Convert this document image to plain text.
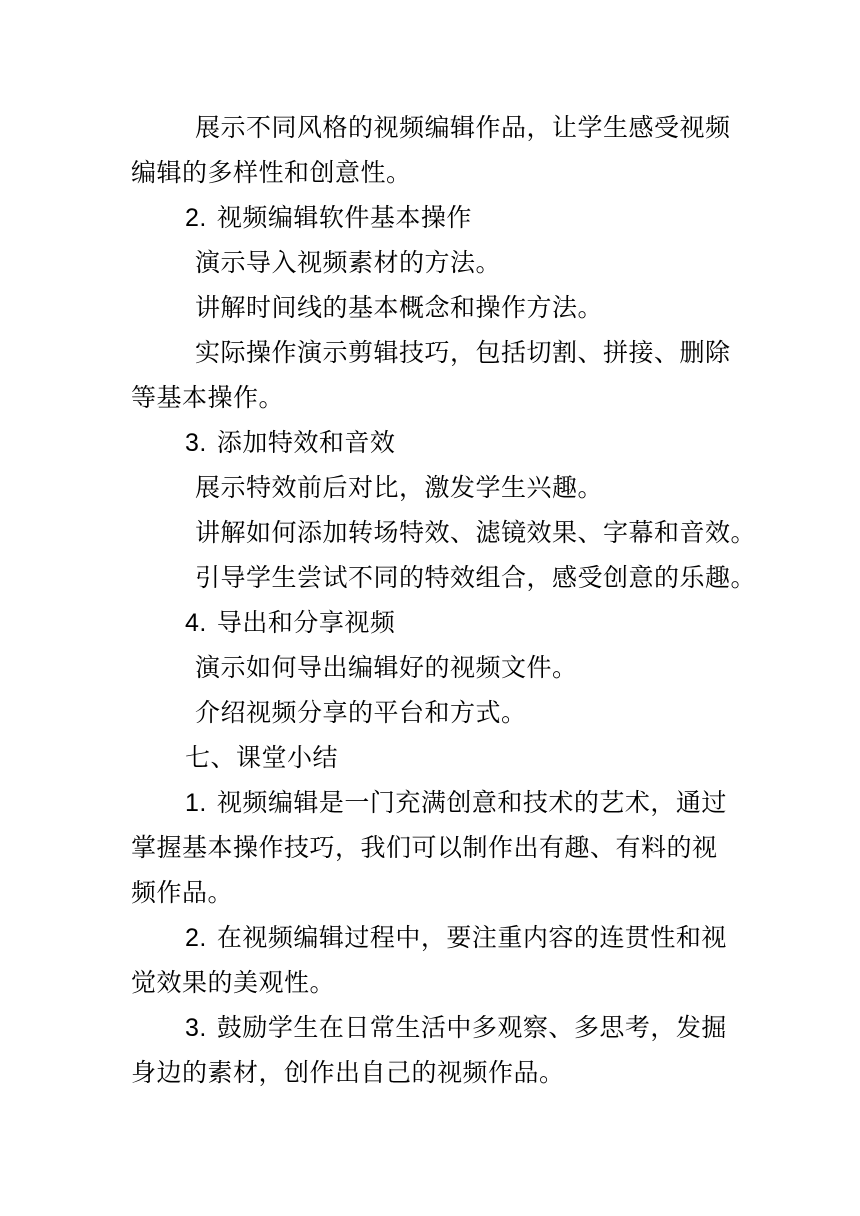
展示不同风格的视频编辑作品，让学生感受视频
编辑的多样性和创意性。
2. 视频编辑软件基本操作
演示导入视频素材的方法。
讲解时间线的基本概念和操作方法。
实际操作演示剪辑技巧，包括切割、拼接、删除
等基本操作。
3. 添加特效和音效
展示特效前后对比，激发学生兴趣。
讲解如何添加转场特效、滤镜效果、字幕和音效。
引导学生尝试不同的特效组合，感受创意的乐趣。
4. 导出和分享视频
演示如何导出编辑好的视频文件。
介绍视频分享的平台和方式。
七、课堂小结
1. 视频编辑是一门充满创意和技术的艺术，通过
掌握基本操作技巧，我们可以制作出有趣、有料的视
频作品。
2. 在视频编辑过程中，要注重内容的连贯性和视
觉效果的美观性。
3. 鼓励学生在日常生活中多观察、多思考，发掘
身边的素材，创作出自己的视频作品。
